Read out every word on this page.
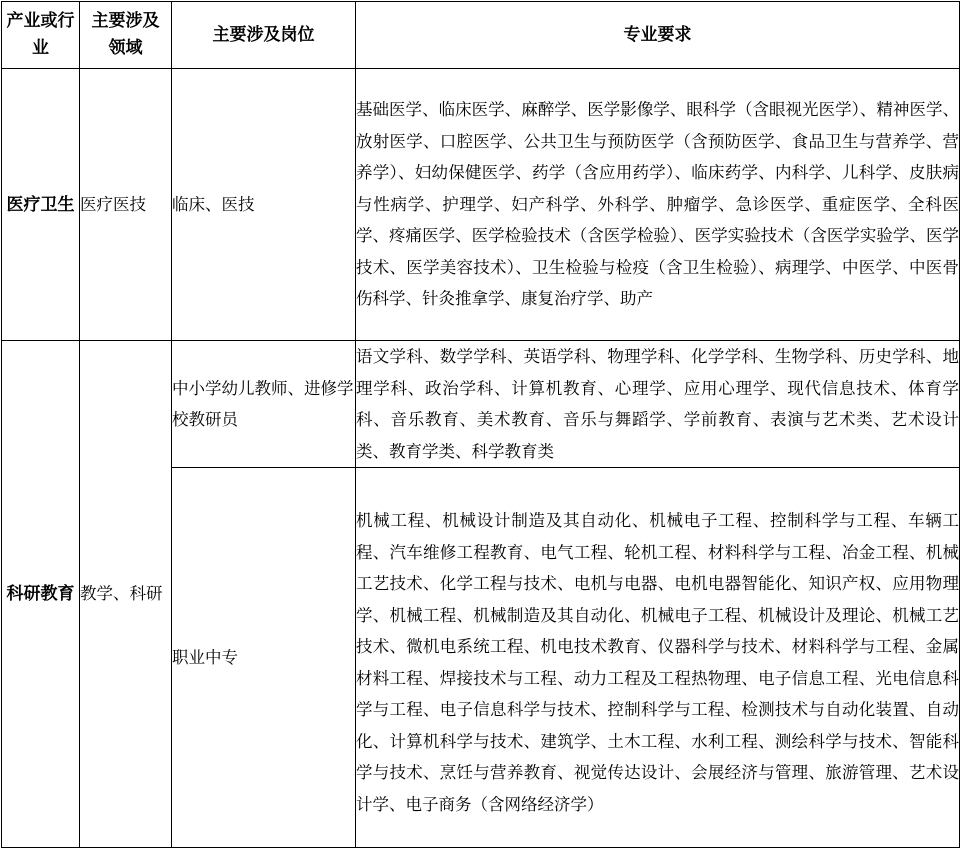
产业或行业	主要涉及领域	主要涉及岗位	专业要求
医疗卫生	医疗医技	临床、医技	基础医学、临床医学、麻醉学、医学影像学、眼科学（含眼视光医学）、精神医学、放射医学、口腔医学、公共卫生与预防医学（含预防医学、食品卫生与营养学、营养学）、妇幼保健医学、药学（含应用药学）、临床药学、内科学、儿科学、皮肤病与性病学、护理学、妇产科学、外科学、肿瘤学、急诊医学、重症医学、全科医学、疼痛医学、医学检验技术（含医学检验）、医学实验技术（含医学实验学、医学技术、医学美容技术）、卫生检验与检疫（含卫生检验）、病理学、中医学、中医骨伤科学、针灸推拿学、康复治疗学、助产
科研教育	教学、科研	中小学幼儿教师、进修学校教研员	语文学科、数学学科、英语学科、物理学科、化学学科、生物学科、历史学科、地理学科、政治学科、计算机教育、心理学、应用心理学、现代信息技术、体育学科、音乐教育、美术教育、音乐与舞蹈学、学前教育、表演与艺术类、艺术设计类、教育学类、科学教育类
		职业中专	机械工程、机械设计制造及其自动化、机械电子工程、控制科学与工程、车辆工程、汽车维修工程教育、电气工程、轮机工程、材料科学与工程、冶金工程、机械工艺技术、化学工程与技术、电机与电器、电机电器智能化、知识产权、应用物理学、机械工程、机械制造及其自动化、机械电子工程、机械设计及理论、机械工艺技术、微机电系统工程、机电技术教育、仪器科学与技术、材料科学与工程、金属材料工程、焊接技术与工程、动力工程及工程热物理、电子信息工程、光电信息科学与工程、电子信息科学与技术、控制科学与工程、检测技术与自动化装置、自动化、计算机科学与技术、建筑学、土木工程、水利工程、测绘科学与技术、智能科学与技术、烹饪与营养教育、视觉传达设计、会展经济与管理、旅游管理、艺术设计学、电子商务（含网络经济学）
